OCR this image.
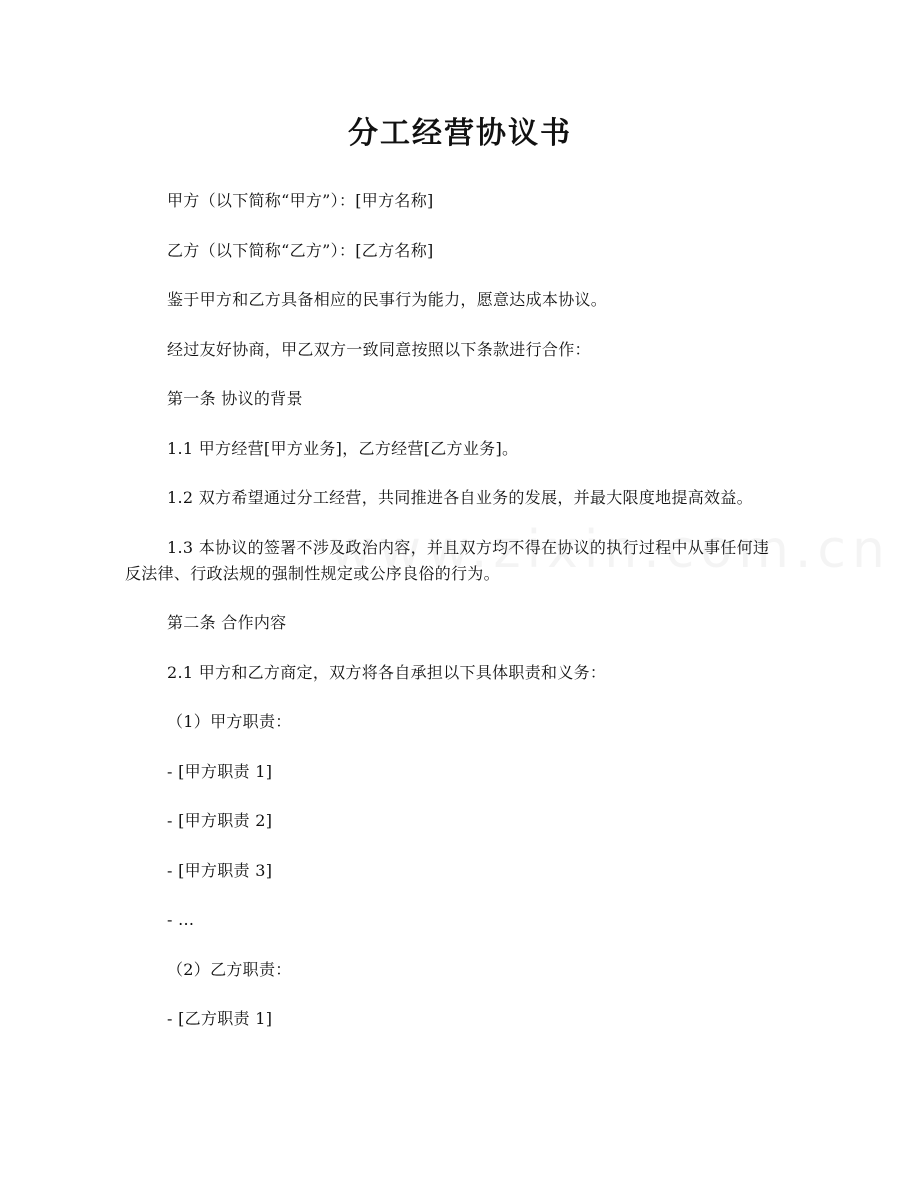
分工经营协议书

甲方（以下简称“甲方”）：[甲方名称]

乙方（以下简称“乙方”）：[乙方名称]

鉴于甲方和乙方具备相应的民事行为能力，愿意达成本协议。

经过友好协商，甲乙双方一致同意按照以下条款进行合作：

第一条 协议的背景

1.1 甲方经营[甲方业务]，乙方经营[乙方业务]。

1.2 双方希望通过分工经营，共同推进各自业务的发展，并最大限度地提高效益。

1.3 本协议的签署不涉及政治内容，并且双方均不得在协议的执行过程中从事任何违反法律、行政法规的强制性规定或公序良俗的行为。

第二条 合作内容

2.1 甲方和乙方商定，双方将各自承担以下具体职责和义务：

（1）甲方职责：

- [甲方职责 1]

- [甲方职责 2]

- [甲方职责 3]

- ...

（2）乙方职责：

- [乙方职责 1]
